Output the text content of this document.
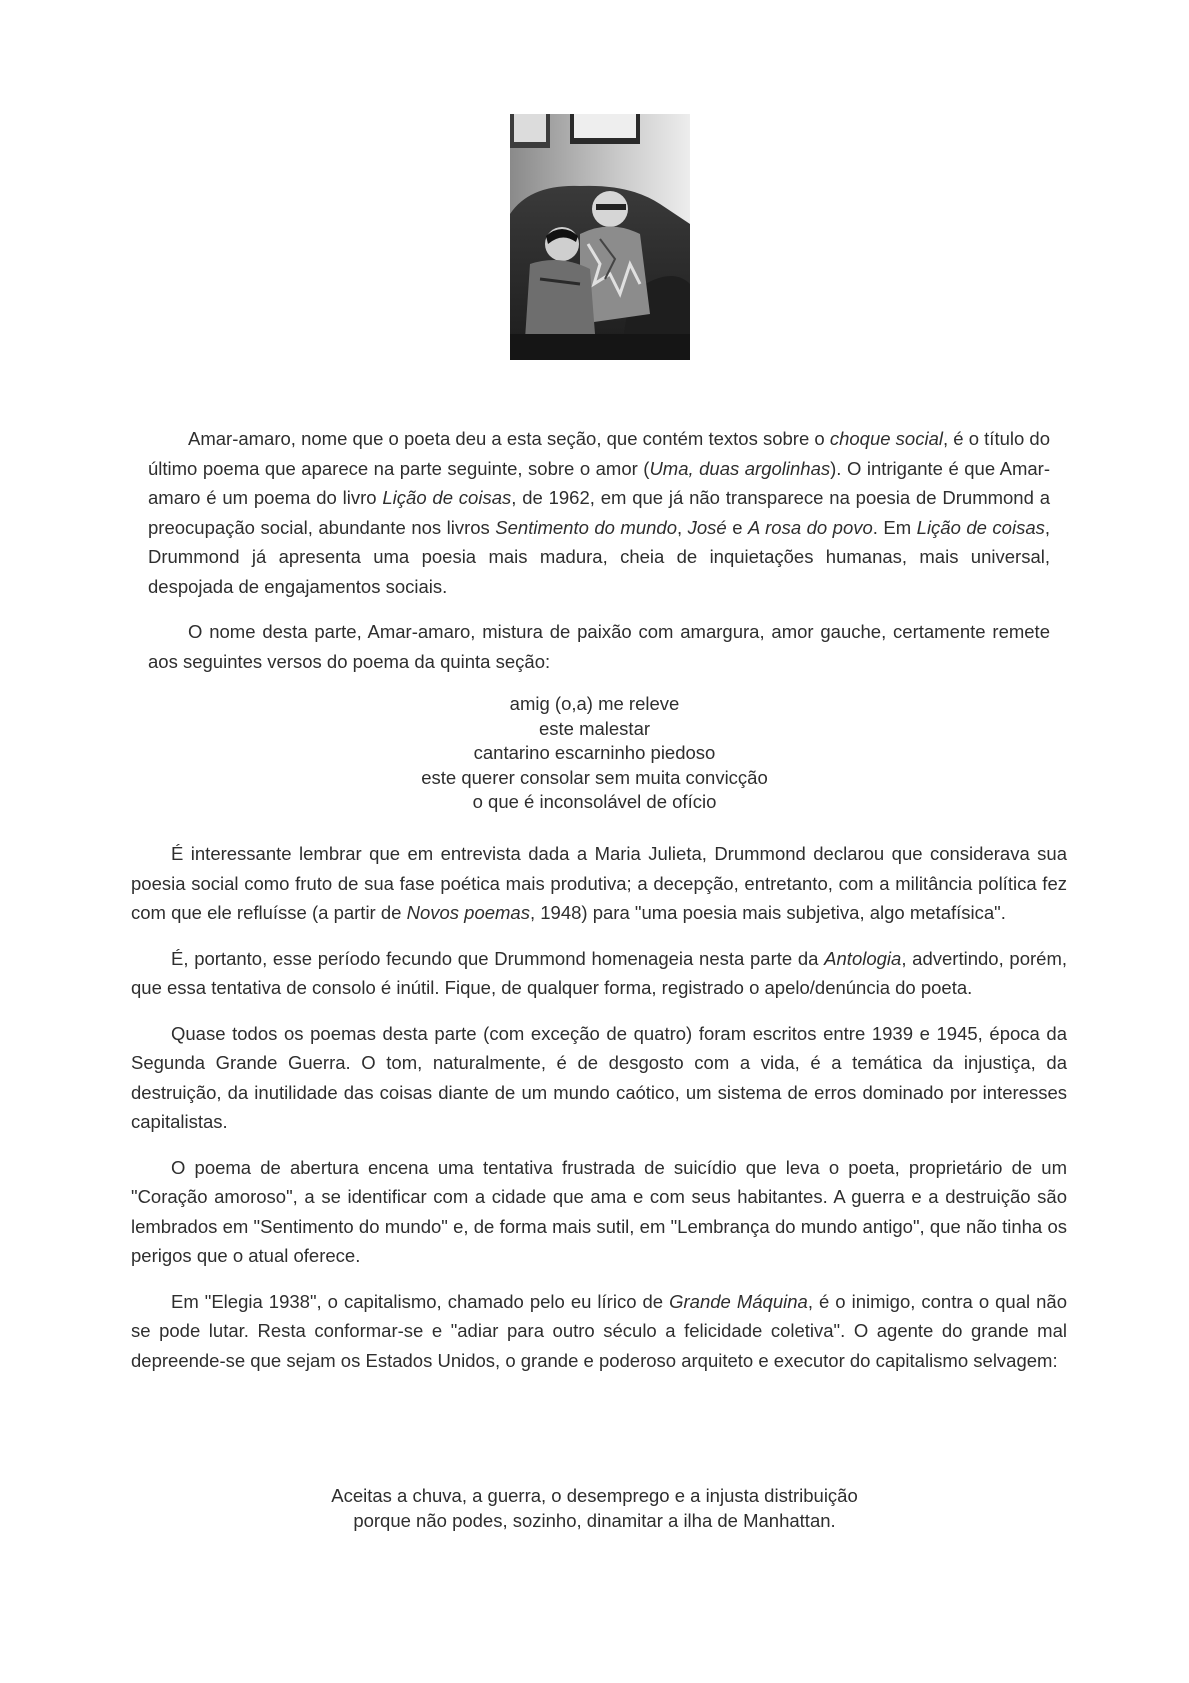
Amar-amaro, nome que o poeta deu a esta seção, que contém textos sobre o choque social, é o título do último poema que aparece na parte seguinte, sobre o amor (Uma, duas argolinhas). O intrigante é que Amar-amaro é um poema do livro Lição de coisas, de 1962, em que já não transparece na poesia de Drummond a preocupação social, abundante nos livros Sentimento do mundo, José e A rosa do povo. Em Lição de coisas, Drummond já apresenta uma poesia mais madura, cheia de inquietações humanas, mais universal, despojada de engajamentos sociais.

O nome desta parte, Amar-amaro, mistura de paixão com amargura, amor gauche, certamente remete aos seguintes versos do poema da quinta seção:

amig (o,a) me releve
este malestar
cantarino escarninho piedoso
este querer consolar sem muita convicção
o que é inconsolável de ofício

É interessante lembrar que em entrevista dada a Maria Julieta, Drummond declarou que considerava sua poesia social como fruto de sua fase poética mais produtiva; a decepção, entretanto, com a militância política fez com que ele refluísse (a partir de Novos poemas, 1948) para "uma poesia mais subjetiva, algo metafísica".

É, portanto, esse período fecundo que Drummond homenageia nesta parte da Antologia, advertindo, porém, que essa tentativa de consolo é inútil. Fique, de qualquer forma, registrado o apelo/denúncia do poeta.

Quase todos os poemas desta parte (com exceção de quatro) foram escritos entre 1939 e 1945, época da Segunda Grande Guerra. O tom, naturalmente, é de desgosto com a vida, é a temática da injustiça, da destruição, da inutilidade das coisas diante de um mundo caótico, um sistema de erros dominado por interesses capitalistas.

O poema de abertura encena uma tentativa frustrada de suicídio que leva o poeta, proprietário de um "Coração amoroso", a se identificar com a cidade que ama e com seus habitantes. A guerra e a destruição são lembrados em "Sentimento do mundo" e, de forma mais sutil, em "Lembrança do mundo antigo", que não tinha os perigos que o atual oferece.

Em "Elegia 1938", o capitalismo, chamado pelo eu lírico de Grande Máquina, é o inimigo, contra o qual não se pode lutar. Resta conformar-se e "adiar para outro século a felicidade coletiva". O agente do grande mal depreende-se que sejam os Estados Unidos, o grande e poderoso arquiteto e executor do capitalismo selvagem:

Aceitas a chuva, a guerra, o desemprego e a injusta distribuição
porque não podes, sozinho, dinamitar a ilha de Manhattan.
